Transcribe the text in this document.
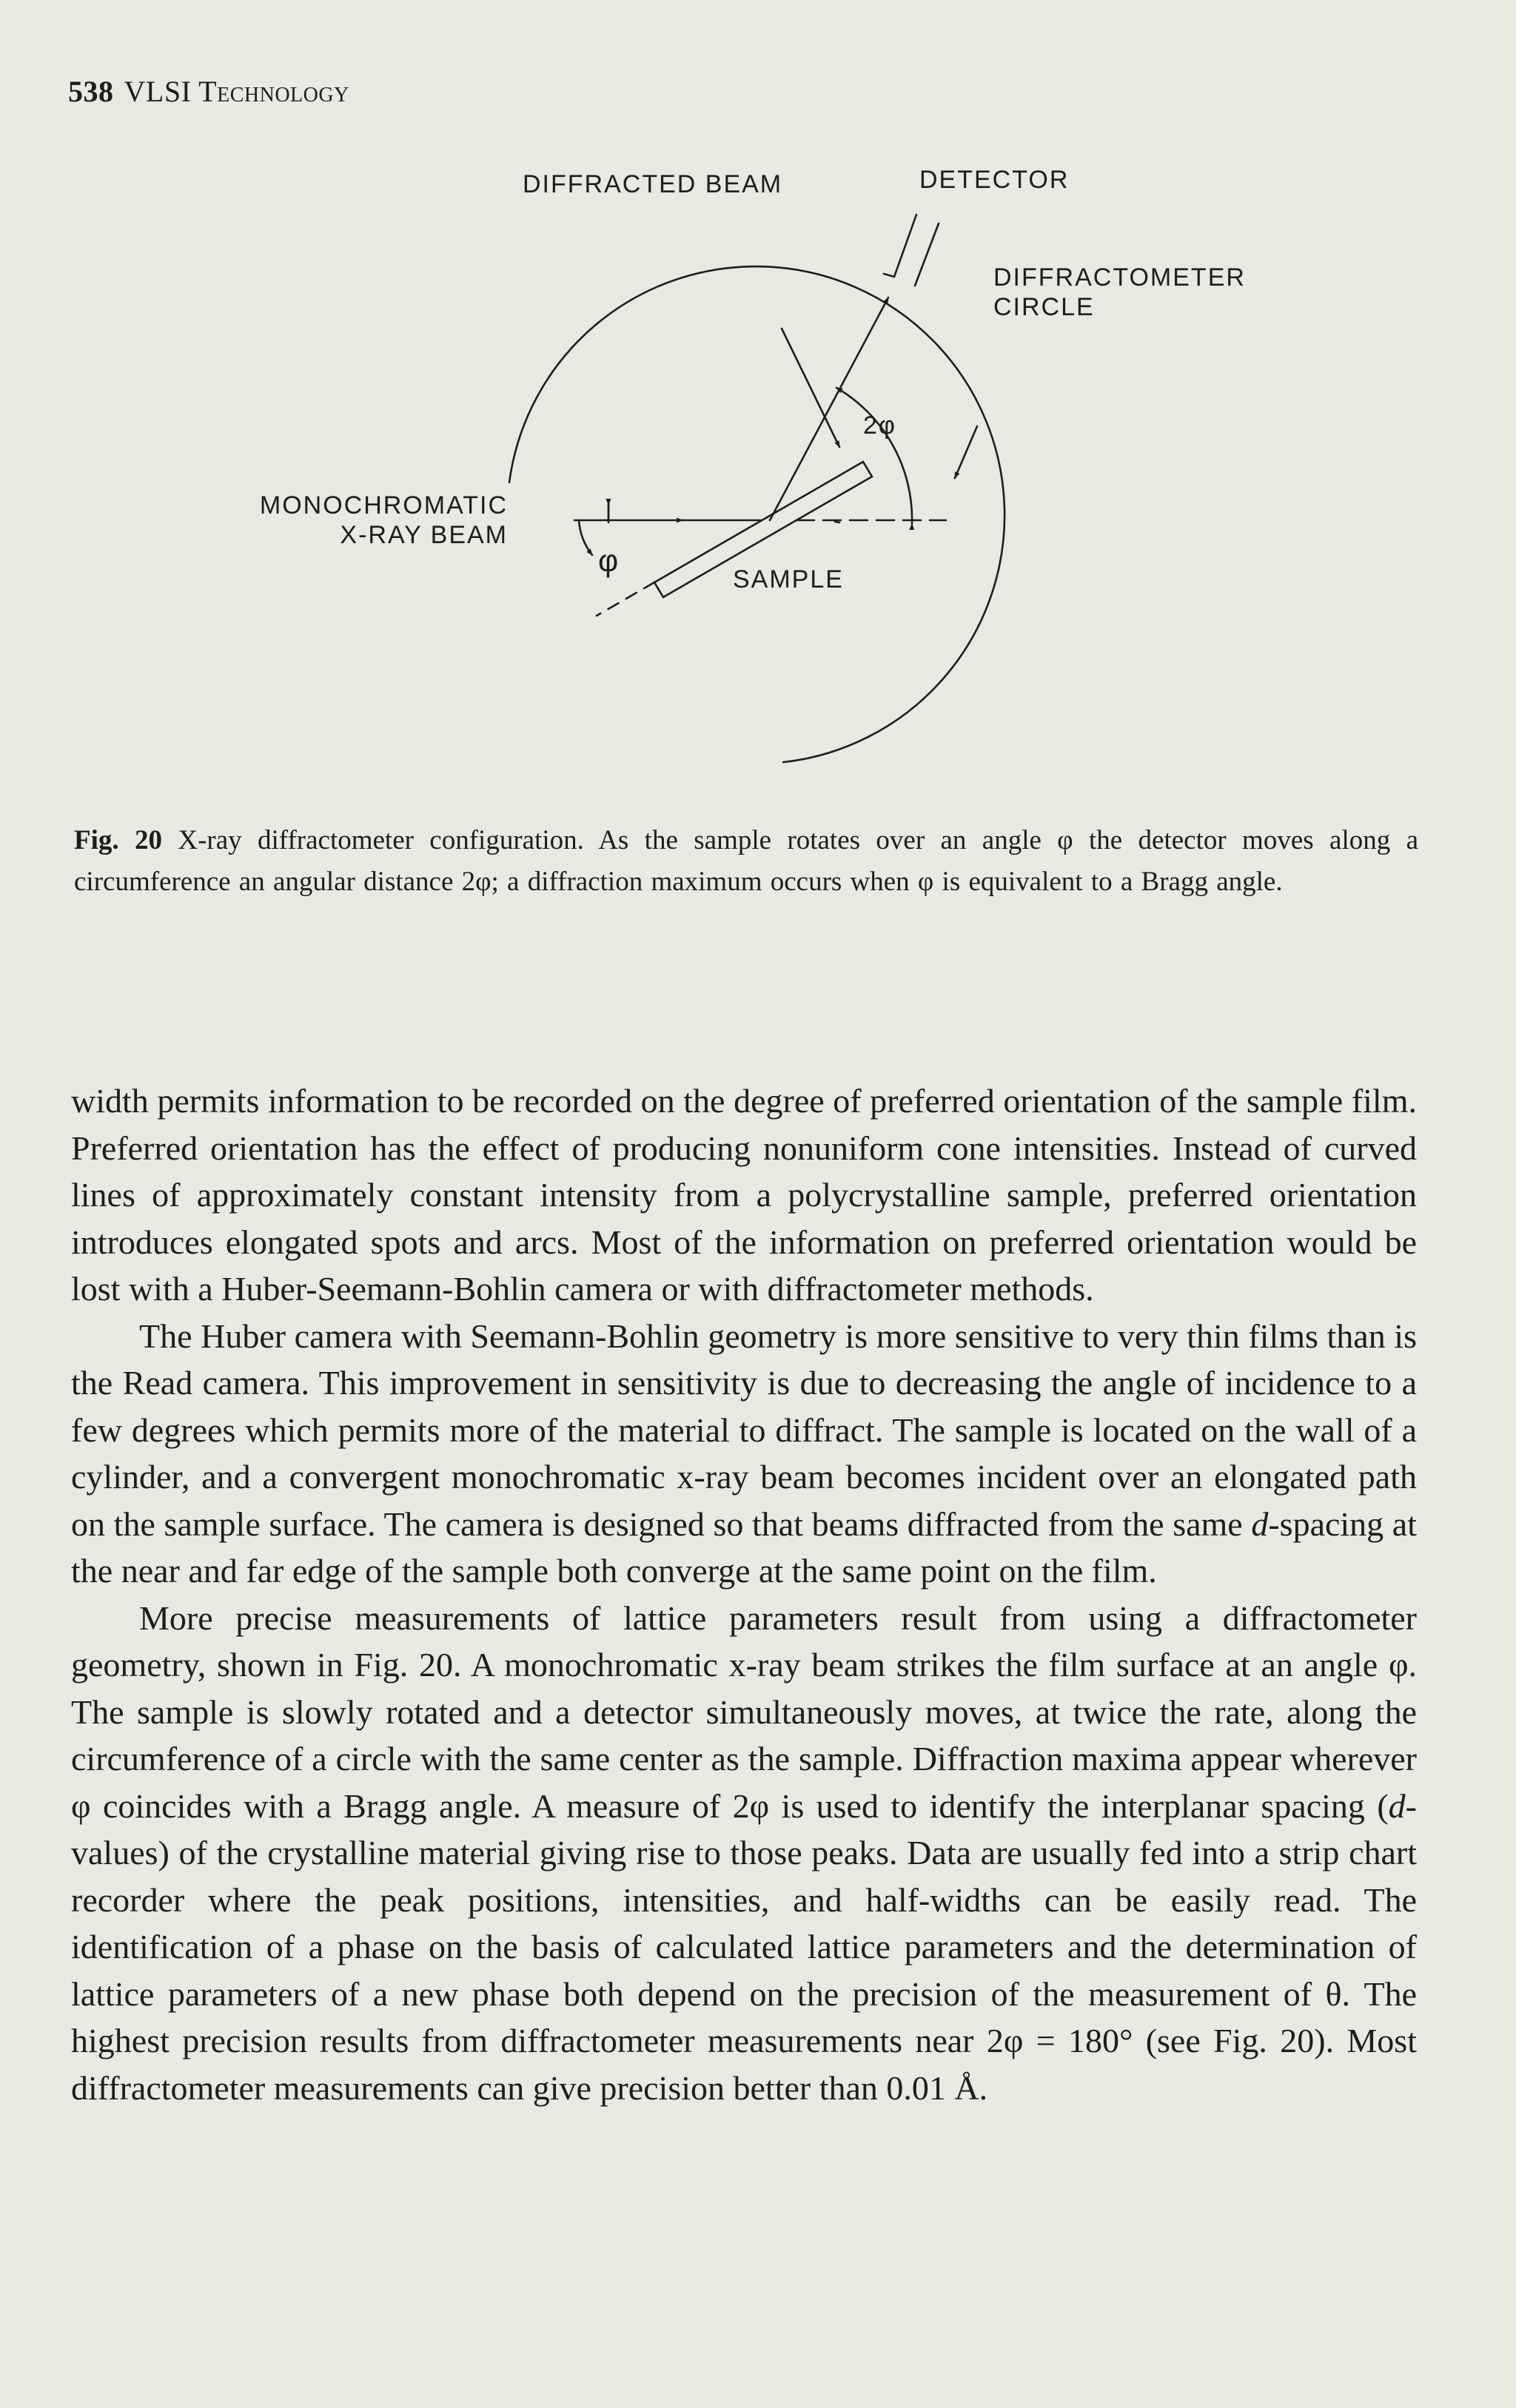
538 VLSI Technology
DIFFRACTED BEAM	DETECTOR
DIFFRACTOMETER
CIRCLE
MONOCHROMATIC
X-RAY BEAM
2φ
φ
SAMPLE
Fig. 20 X-ray diffractometer configuration. As the sample rotates over an angle φ the detector moves along a circumference an angular distance 2φ; a diffraction maximum occurs when φ is equivalent to a Bragg angle.

width permits information to be recorded on the degree of preferred orientation of the sample film. Preferred orientation has the effect of producing nonuniform cone intensities. Instead of curved lines of approximately constant intensity from a polycrystalline sample, preferred orientation introduces elongated spots and arcs. Most of the information on preferred orientation would be lost with a Huber-Seemann-Bohlin camera or with diffractometer methods.

The Huber camera with Seemann-Bohlin geometry is more sensitive to very thin films than is the Read camera. This improvement in sensitivity is due to decreasing the angle of incidence to a few degrees which permits more of the material to diffract. The sample is located on the wall of a cylinder, and a convergent monochromatic x-ray beam becomes incident over an elongated path on the sample surface. The camera is designed so that beams diffracted from the same d-spacing at the near and far edge of the sample both converge at the same point on the film.

More precise measurements of lattice parameters result from using a diffractometer geometry, shown in Fig. 20. A monochromatic x-ray beam strikes the film surface at an angle φ. The sample is slowly rotated and a detector simultaneously moves, at twice the rate, along the circumference of a circle with the same center as the sample. Diffraction maxima appear wherever φ coincides with a Bragg angle. A measure of 2φ is used to identify the interplanar spacing (d-values) of the crystalline material giving rise to those peaks. Data are usually fed into a strip chart recorder where the peak positions, intensities, and half-widths can be easily read. The identification of a phase on the basis of calculated lattice parameters and the determination of lattice parameters of a new phase both depend on the precision of the measurement of θ. The highest precision results from diffractometer measurements near 2φ = 180° (see Fig. 20). Most diffractometer measurements can give precision better than 0.01 Å.
